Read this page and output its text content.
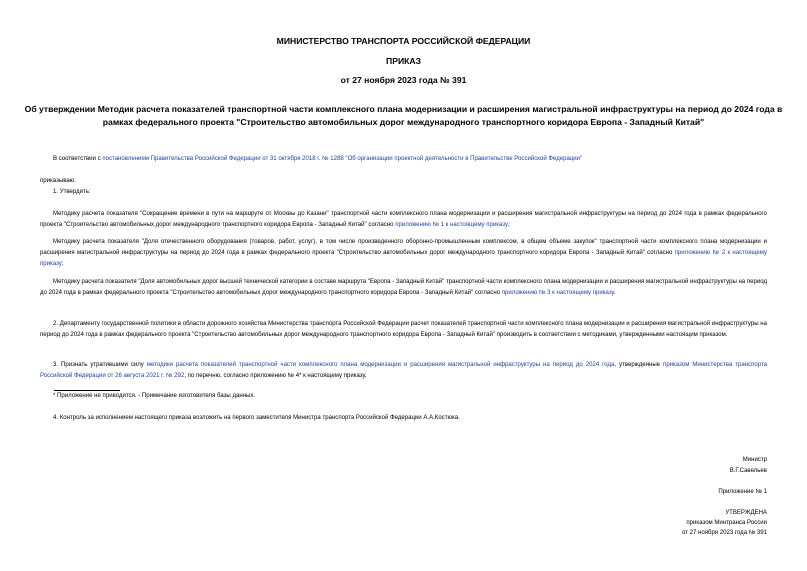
МИНИСТЕРСТВО ТРАНСПОРТА РОССИЙСКОЙ ФЕДЕРАЦИИ
ПРИКАЗ
от 27 ноября 2023 года № 391
Об утверждении Методик расчета показателей транспортной части комплексного плана модернизации и расширения магистральной инфраструктуры на период до 2024 года в рамках федерального проекта "Строительство автомобильных дорог международного транспортного коридора Европа - Западный Китай"
В соответствии с постановлением Правительства Российской Федерации от 31 октября 2018 г. № 1288 "Об организации проектной деятельности в Правительстве Российской Федерации"
приказываю:
1. Утвердить:
Методику расчета показателя "Сокращение времени в пути на маршруте от Москвы до Казани" транспортной части комплексного плана модернизации и расширения магистральной инфраструктуры на период до 2024 года в рамках федерального проекта "Строительство автомобильных дорог международного транспортного коридора Европа - Западный Китай" согласно приложению № 1 к настоящему приказу;
Методику расчета показателя "Доля отечественного оборудования (товаров, работ, услуг), в том числе произведенного оборонно-промышленным комплексом, в общем объеме закупок" транспортной части комплексного плана модернизации и расширения магистральной инфраструктуры на период до 2024 года в рамках федерального проекта "Строительство автомобильных дорог международного транспортного коридора Европа - Западный Китай" согласно приложению № 2 к настоящему приказу;
Методику расчета показателя "Доля автомобильных дорог высшей технической категории в составе маршрута "Европа - Западный Китай" транспортной части комплексного плана модернизации и расширения магистральной инфраструктуры на период до 2024 года в рамках федерального проекта "Строительство автомобильных дорог международного транспортного коридора Европа - Западный Китай" согласно приложению № 3 к настоящему приказу.
2. Департаменту государственной политики в области дорожного хозяйства Министерства транспорта Российской Федерации расчет показателей транспортной части комплексного плана модернизации и расширения магистральной инфраструктуры на период до 2024 года в рамках федерального проекта "Строительство автомобильных дорог международного транспортного коридора Европа - Западный Китай" производить в соответствии с методиками, утвержденными настоящим приказом.
3. Признать утратившими силу методики расчета показателей транспортной части комплексного плана модернизации и расширения магистральной инфраструктуры на период до 2024 года, утвержденные приказом Министерства транспорта Российской Федерации от 26 августа 2021 г. № 292, по перечню, согласно приложению № 4* к настоящему приказу.
* Приложение не приводится. - Примечание изготовителя базы данных.
4. Контроль за исполнением настоящего приказа возложить на первого заместителя Министра транспорта Российской Федерации А.А.Костюка.
Министр
В.Г.Савельев
Приложение № 1
УТВЕРЖДЕНА
приказом Минтранса России
от 27 ноября 2023 года № 391
